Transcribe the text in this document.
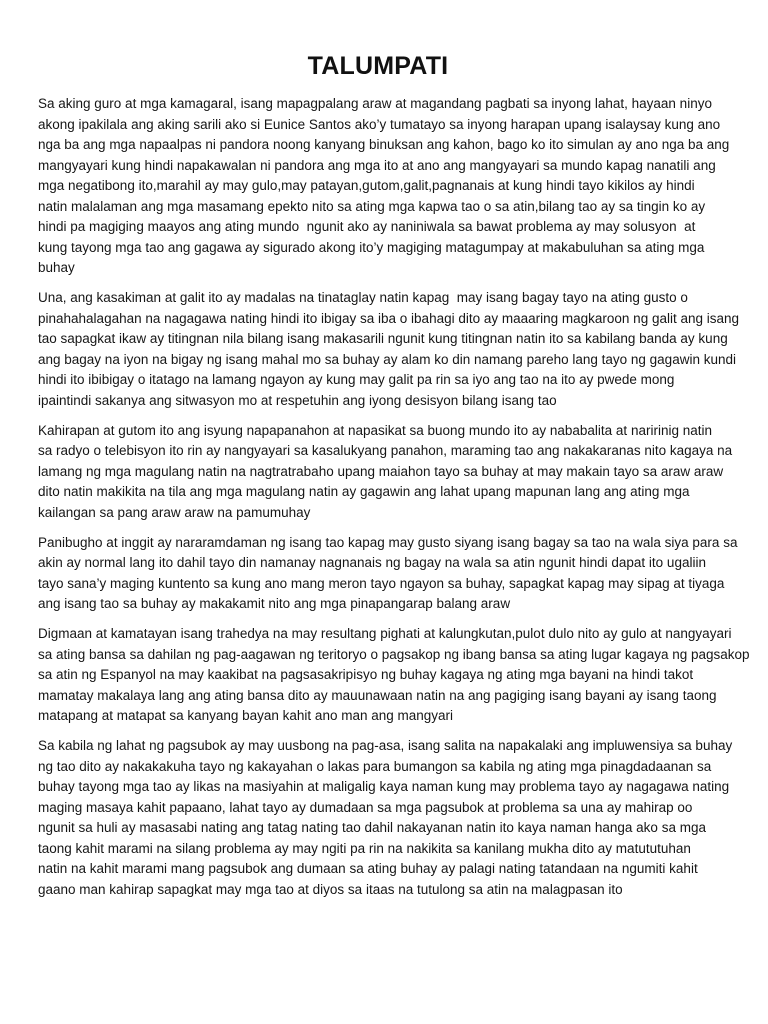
TALUMPATI
Sa aking guro at mga kamagaral, isang mapagpalang araw at magandang pagbati sa inyong lahat, hayaan ninyo
akong ipakilala ang aking sarili ako si Eunice Santos ako’y tumatayo sa inyong harapan upang isalaysay kung ano
nga ba ang mga napaalpas ni pandora noong kanyang binuksan ang kahon, bago ko ito simulan ay ano nga ba ang
mangyayari kung hindi napakawalan ni pandora ang mga ito at ano ang mangyayari sa mundo kapag nanatili ang
mga negatibong ito,marahil ay may gulo,may patayan,gutom,galit,pagnanais at kung hindi tayo kikilos ay hindi
natin malalaman ang mga masamang epekto nito sa ating mga kapwa tao o sa atin,bilang tao ay sa tingin ko ay
hindi pa magiging maayos ang ating mundo  ngunit ako ay naniniwala sa bawat problema ay may solusyon  at
kung tayong mga tao ang gagawa ay sigurado akong ito’y magiging matagumpay at makabuluhan sa ating mga
buhay
Una, ang kasakiman at galit ito ay madalas na tinataglay natin kapag  may isang bagay tayo na ating gusto o
pinahahalagahan na nagagawa nating hindi ito ibigay sa iba o ibahagi dito ay maaaring magkaroon ng galit ang isang
tao sapagkat ikaw ay titingnan nila bilang isang makasarili ngunit kung titingnan natin ito sa kabilang banda ay kung
ang bagay na iyon na bigay ng isang mahal mo sa buhay ay alam ko din namang pareho lang tayo ng gagawin kundi
hindi ito ibibigay o itatago na lamang ngayon ay kung may galit pa rin sa iyo ang tao na ito ay pwede mong
ipaintindi sakanya ang sitwasyon mo at respetuhin ang iyong desisyon bilang isang tao
Kahirapan at gutom ito ang isyung napapanahon at napasikat sa buong mundo ito ay nababalita at naririnig natin
sa radyo o telebisyon ito rin ay nangyayari sa kasalukyang panahon, maraming tao ang nakakaranas nito kagaya na
lamang ng mga magulang natin na nagtratrabaho upang maiahon tayo sa buhay at may makain tayo sa araw araw
dito natin makikita na tila ang mga magulang natin ay gagawin ang lahat upang mapunan lang ang ating mga
kailangan sa pang araw araw na pamumuhay
Panibugho at inggit ay nararamdaman ng isang tao kapag may gusto siyang isang bagay sa tao na wala siya para sa
akin ay normal lang ito dahil tayo din namanay nagnanais ng bagay na wala sa atin ngunit hindi dapat ito ugaliin
tayo sana’y maging kuntento sa kung ano mang meron tayo ngayon sa buhay, sapagkat kapag may sipag at tiyaga
ang isang tao sa buhay ay makakamit nito ang mga pinapangarap balang araw
Digmaan at kamatayan isang trahedya na may resultang pighati at kalungkutan,pulot dulo nito ay gulo at nangyayari
sa ating bansa sa dahilan ng pag-aagawan ng teritoryo o pagsakop ng ibang bansa sa ating lugar kagaya ng pagsakop
sa atin ng Espanyol na may kaakibat na pagsasakripisyo ng buhay kagaya ng ating mga bayani na hindi takot
mamatay makalaya lang ang ating bansa dito ay mauunawaan natin na ang pagiging isang bayani ay isang taong
matapang at matapat sa kanyang bayan kahit ano man ang mangyari
Sa kabila ng lahat ng pagsubok ay may uusbong na pag-asa, isang salita na napakalaki ang impluwensiya sa buhay
ng tao dito ay nakakakuha tayo ng kakayahan o lakas para bumangon sa kabila ng ating mga pinagdadaanan sa
buhay tayong mga tao ay likas na masiyahin at maligalig kaya naman kung may problema tayo ay nagagawa nating
maging masaya kahit papaano, lahat tayo ay dumadaan sa mga pagsubok at problema sa una ay mahirap oo
ngunit sa huli ay masasabi nating ang tatag nating tao dahil nakayanan natin ito kaya naman hanga ako sa mga
taong kahit marami na silang problema ay may ngiti pa rin na nakikita sa kanilang mukha dito ay matututuhan
natin na kahit marami mang pagsubok ang dumaan sa ating buhay ay palagi nating tatandaan na ngumiti kahit
gaano man kahirap sapagkat may mga tao at diyos sa itaas na tutulong sa atin na malagpasan ito
